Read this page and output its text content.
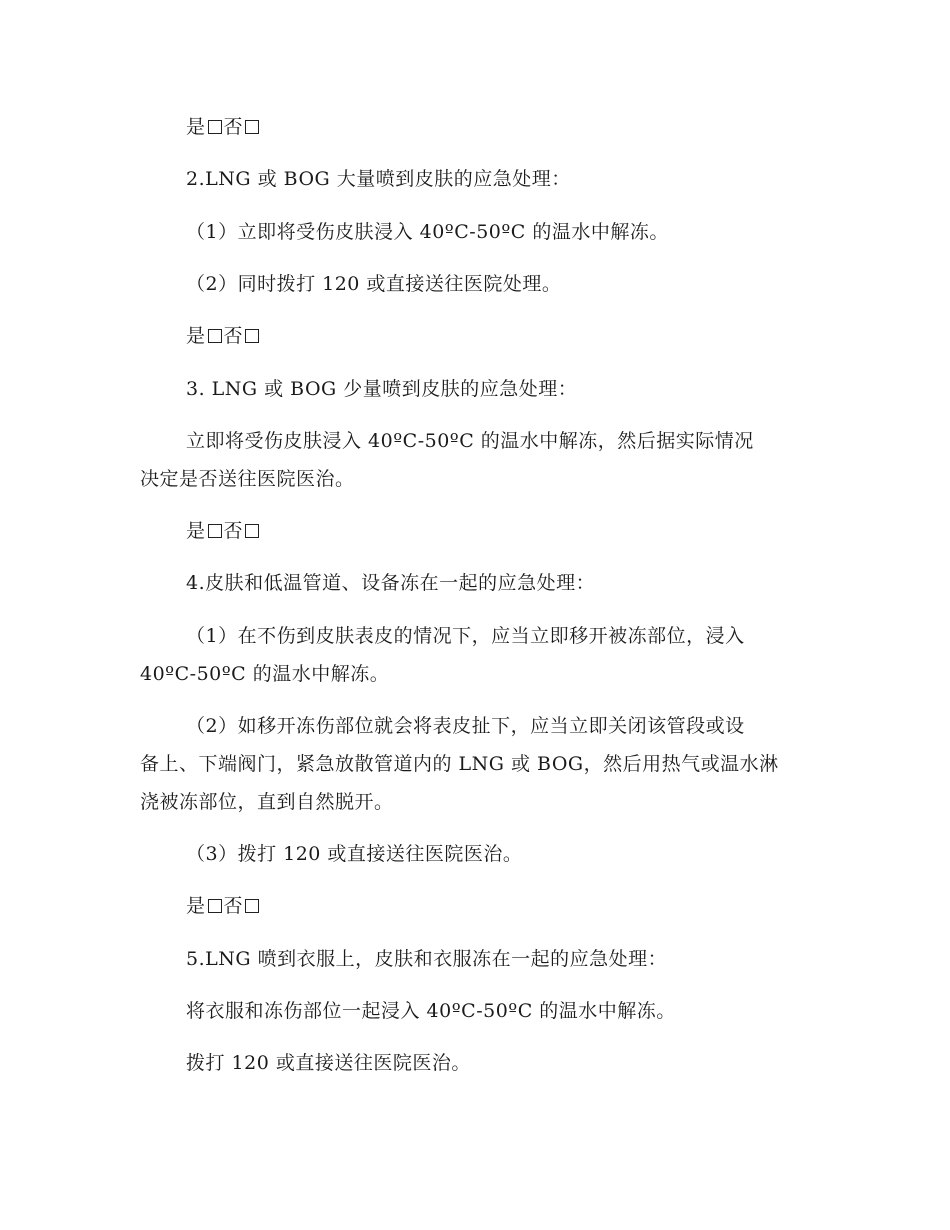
是 否
2.LNG 或 BOG 大量喷到皮肤的应急处理：
（1）立即将受伤皮肤浸入 40ºC-50ºC 的温水中解冻。
（2）同时拨打 120 或直接送往医院处理。
是 否
3. LNG 或 BOG 少量喷到皮肤的应急处理：
立即将受伤皮肤浸入 40ºC-50ºC 的温水中解冻，然后据实际情况
决定是否送往医院医治。
是 否
4.皮肤和低温管道、设备冻在一起的应急处理：
（1）在不伤到皮肤表皮的情况下，应当立即移开被冻部位，浸入
40ºC-50ºC 的温水中解冻。
（2）如移开冻伤部位就会将表皮扯下，应当立即关闭该管段或设
备上、下端阀门，紧急放散管道内的 LNG 或 BOG，然后用热气或温水淋
浇被冻部位，直到自然脱开。
（3）拨打 120 或直接送往医院医治。
是 否
5.LNG 喷到衣服上，皮肤和衣服冻在一起的应急处理：
将衣服和冻伤部位一起浸入 40ºC-50ºC 的温水中解冻。
拨打 120 或直接送往医院医治。
